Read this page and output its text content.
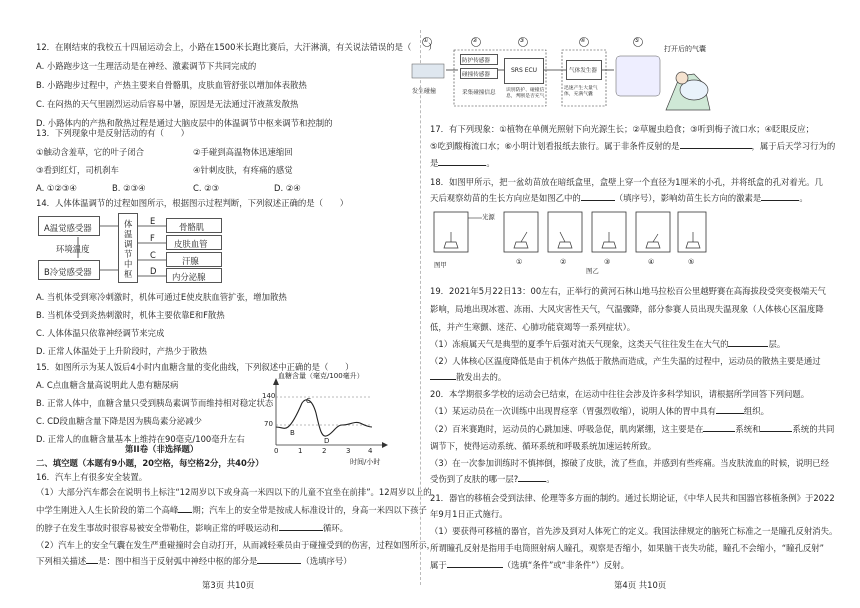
12．在刚结束的我校五十四届运动会上，小路在1500米长跑比赛后，大汗淋漓，有关说法错误的是（　　）
A. 小路跑步这一生理活动是在神经、激素调节下共同完成的
B. 小路跑步过程中，产热主要来自骨骼肌，皮肤血管舒张以增加体表散热
C. 在闷热的天气里剧烈运动后容易中暑，原因是无法通过汗液蒸发散热
D. 小路体内的产热和散热过程是通过大脑皮层中的体温调节中枢来调节和控制的
13．下列现象中是反射活动的有（　　）
①触动含羞草，它的叶子闭合	②手碰到高温物体迅速缩回
③看到红灯，司机刹车	④针刺皮肤，有疼痛的感觉
A. ①②③④	B. ②③④	C. ②③	D. ②④
14．人体体温调节的过程如图所示，根据图示过程判断，下列叙述正确的是（　　）
A温觉感受器
环境温度
B冷觉感受器
体
温
调
节
中
枢
E
F
C
D
骨骼肌
皮肤血管
汗腺
内分泌腺
A. 当机体受到寒冷刺激时，机体可通过E使皮肤血管扩张，增加散热
B. 当机体受到炎热刺激时，机体主要依靠E和F散热
C. 人体体温只依靠神经调节来完成
D. 正常人体温处于上升阶段时，产热少于散热
15．如图所示为某人饭后4小时内血糖含量的变化曲线，下列叙述中正确的是（　　）
A. C点血糖含量高说明此人患有糖尿病
B. 正常人体中，血糖含量只受到胰岛素调节而维持相对稳定状态
C. CD段血糖含量下降是因为胰岛素分泌减少
D. 正常人的血糖含量基本上维持在90毫克/100毫升左右
血糖含量（毫克/100毫升）
140
70
0	1	2	3	4
B
C
D
时间/小时
第II卷（非选择题）
二、填空题（本题有9小题，20空格，每空格2分，共40分）
16．汽车上有很多安全装置。
（1）大部分汽车都会在说明书上标注“12周岁以下或身高一米四以下的儿童不宜坐在前排”。12周岁以上的
中学生刚进入人生长阶段的第二个高峰 期；汽车上的安全带是按成人标准设计的，身高一米四以下孩子
的脖子在发生事故时很容易被安全带勒住，影响正常的呼吸运动和	循环。
（2）汽车上的安全气囊在发生严重碰撞时会自动打开，从而减轻乘员由于碰撞受到的伤害，过程如图所示，
下列相关描述 是：图中相当于反射弧中神经中枢的部分是	（选填序号）
第3页 共10页
①	②	③	④	⑤
发生碰撞
防护传感器
碰撞传感器
SRS ECU	气体发生器
采集碰撞信息 识别防护、碰撞信息，判断是否充气
迅速产生大量气体，充满气囊
打开后的气囊
17．有下列现象：①植物在单侧光照射下向光源生长；②草履虫趋食；③听到梅子流口水；④眨眼反应；
⑤吃到酸梅流口水；⑥小明计划看报纸去旅行。属于非条件反射的是	，属于后天学习行为的
是	。
18．如图甲所示，把一盆幼苗放在暗纸盒里，盒壁上穿一个直径为1厘米的小孔，并将纸盒的孔对着光。几
天后观察幼苗的生长方向应是如图乙中的	（填序号），影响幼苗生长方向的激素是	。
光源
图甲	①	②	③	④	⑤
图乙
19．2021年5月22日13：00左右，正举行的黄河石林山地马拉松百公里越野赛在高海拔段受突变极端天气
影响，局地出现冰雹、冻雨、大风灾害性天气，气温骤降，部分参赛人员出现失温现象（人体核心区温度降
低，并产生寒颤、迷茫、心肺功能衰竭等一系列症状）。
（1）冻痕属天气是典型的夏季午后强对流天气现象，这类天气往往发生在大气的	层。
（2）人体核心区温度降低是由于机体产热低于散热而造成，产生失温的过程中，运动员的散热主要是通过
散发出去的。
20．本学期很多学校的运动会已结束，在运动中往往会涉及许多科学知识，请根据所学回答下列问题。
（1）某运动员在一次训练中出现胃痉挛（胃强烈收缩），说明人体的胃中具有	组织。
（2）百米赛跑时，运动员的心跳加速、呼吸急促，肌肉紧绷，这主要是在	系统和	系统的共同
调节下，使得运动系统、循环系统和呼吸系统加速运转所致。
（3）在一次参加训练时不慎摔倒，擦破了皮肤，流了些血，并感到有些疼痛。当皮肤流血的时候，说明已经
受伤到了皮肤的哪一层?	。
21．器官的移植会受到法律、伦理等多方面的制约。通过长期论证，《中华人民共和国器官移植条例》于2022
年9月1日正式施行。
（1）要获得可移植的器官，首先涉及到对人体死亡的定义。我国法律规定的脑死亡标准之一是瞳孔反射消失。
所谓瞳孔反射是指用手电筒照射病人瞳孔，观察是否缩小，如果脑干丧失功能，瞳孔不会缩小，“瞳孔反射”
属于	（选填“条件”或“非条件”）反射。
第4页 共10页
